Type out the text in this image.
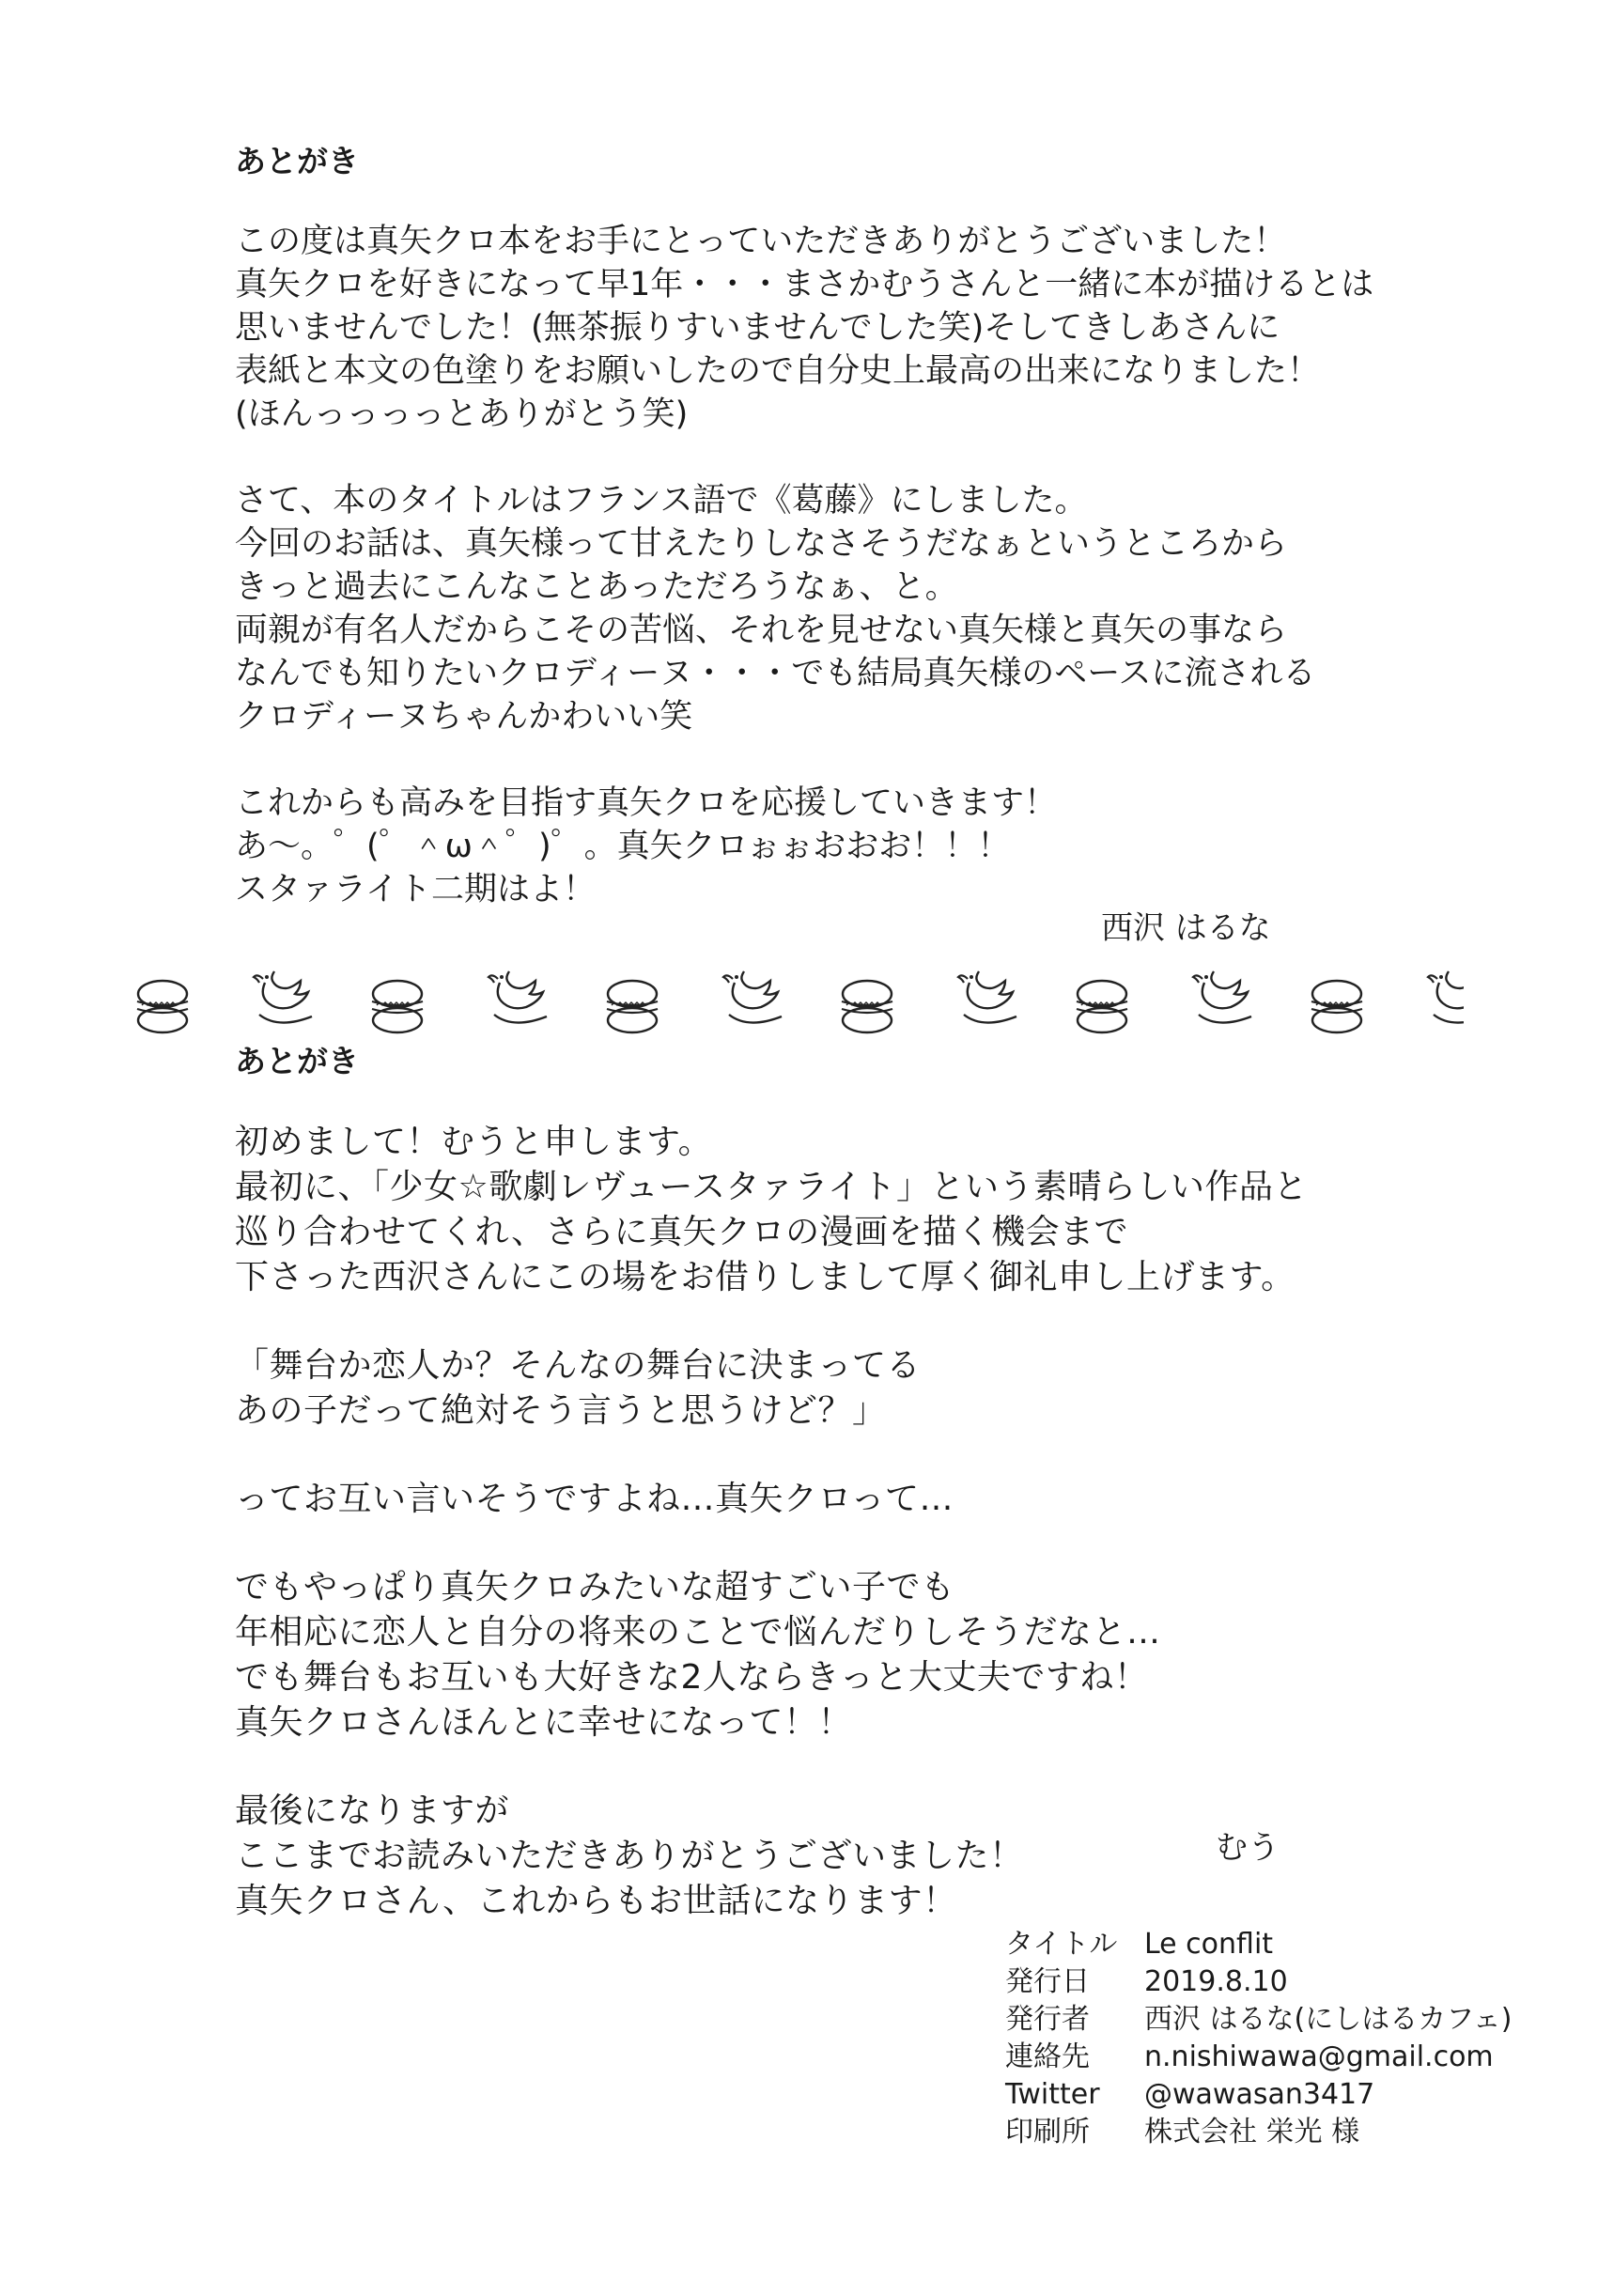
あとがき

この度は真矢クロ本をお手にとっていただきありがとうございました！
真矢クロを好きになって早1年・・・まさかむうさんと一緒に本が描けるとは
思いませんでした！(無茶振りすいませんでした笑)そしてきしあさんに
表紙と本文の色塗りをお願いしたので自分史上最高の出来になりました！
(ほんっっっっとありがとう笑)

さて、本のタイトルはフランス語で《葛藤》にしました。
今回のお話は、真矢様って甘えたりしなさそうだなぁというところから
きっと過去にこんなことあっただろうなぁ、と。
両親が有名人だからこその苦悩、それを見せない真矢様と真矢の事なら
なんでも知りたいクロディーヌ・・・でも結局真矢様のペースに流される
クロディーヌちゃんかわいい笑

これからも高みを目指す真矢クロを応援していきます！
あ～。゜(゜＾ω＾゜)゜。真矢クロぉぉおおお！！！
スタァライト二期はよ！

西沢 はるな
あとがき

初めまして！むうと申します。
最初に、「少女☆歌劇レヴュースタァライト」という素晴らしい作品と
巡り合わせてくれ、さらに真矢クロの漫画を描く機会まで
下さった西沢さんにこの場をお借りしまして厚く御礼申し上げます。

「舞台か恋人か？そんなの舞台に決まってる
あの子だって絶対そう言うと思うけど？」

ってお互い言いそうですよね…真矢クロって…

でもやっぱり真矢クロみたいな超すごい子でも
年相応に恋人と自分の将来のことで悩んだりしそうだなと…
でも舞台もお互いも大好きな2人ならきっと大丈夫ですね！
真矢クロさんほんとに幸せになって！！

最後になりますが
ここまでお読みいただきありがとうございました！
真矢クロさん、これからもお世話になります！

むう
タイトル Le conflit
発行日	2019.8.10
発行者	西沢 はるな(にしはるカフェ)
連絡先	n.nishiwawa@gmail.com
Twitter	@wawasan3417
印刷所	株式会社 栄光 様
